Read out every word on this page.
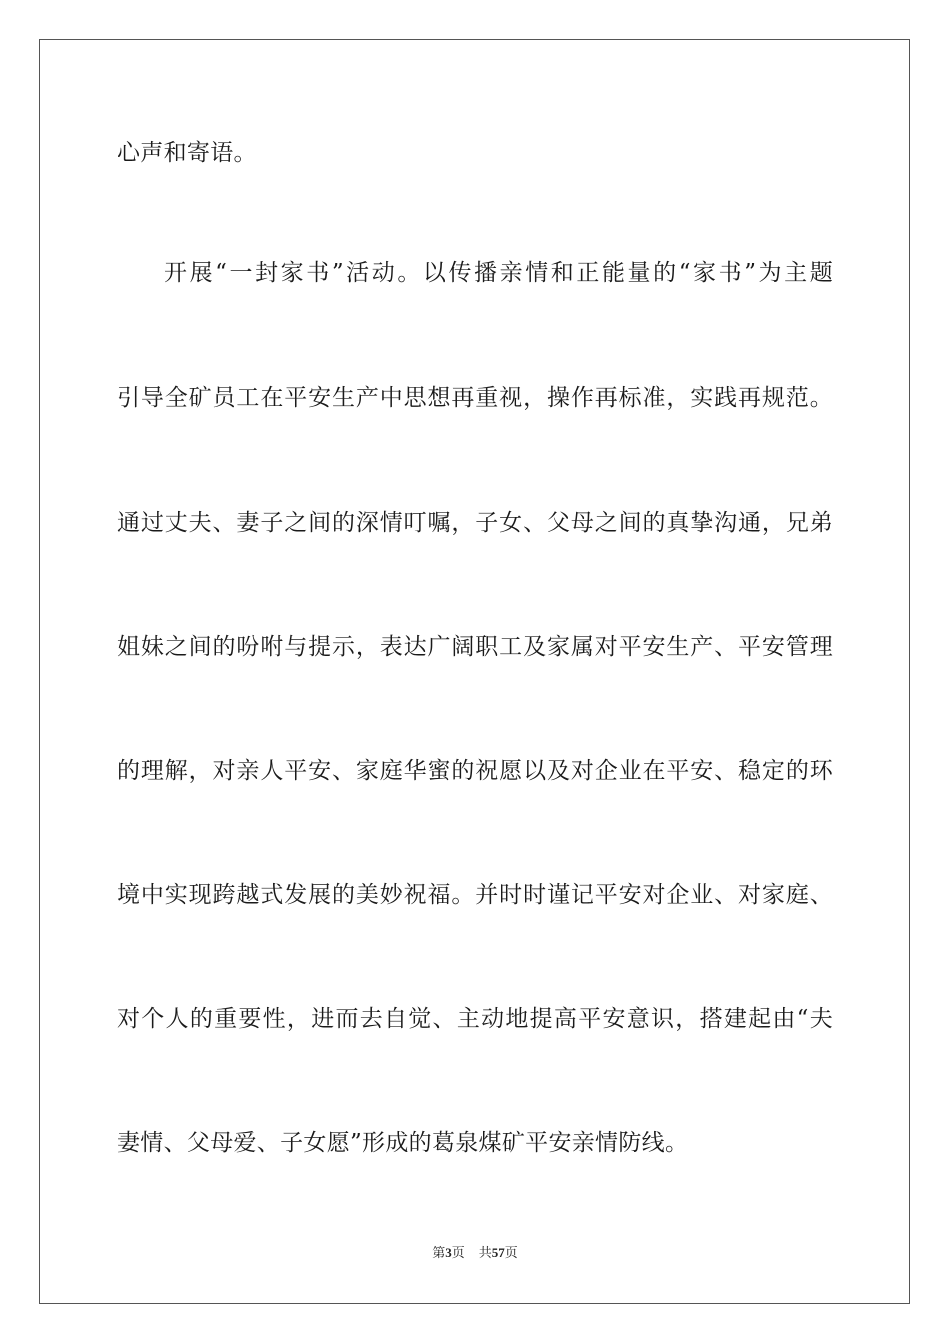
心声和寄语。
开展“一封家书”活动。以传播亲情和正能量的“家书”为主题
引导全矿员工在平安生产中思想再重视，操作再标准，实践再规范。
通过丈夫、妻子之间的深情叮嘱，子女、父母之间的真挚沟通，兄弟
姐妹之间的吩咐与提示，表达广阔职工及家属对平安生产、平安管理
的理解，对亲人平安、家庭华蜜的祝愿以及对企业在平安、稳定的环
境中实现跨越式发展的美妙祝福。并时时谨记平安对企业、对家庭、
对个人的重要性，进而去自觉、主动地提高平安意识，搭建起由“夫
妻情、父母爱、子女愿”形成的葛泉煤矿平安亲情防线。
第3页 共57页
